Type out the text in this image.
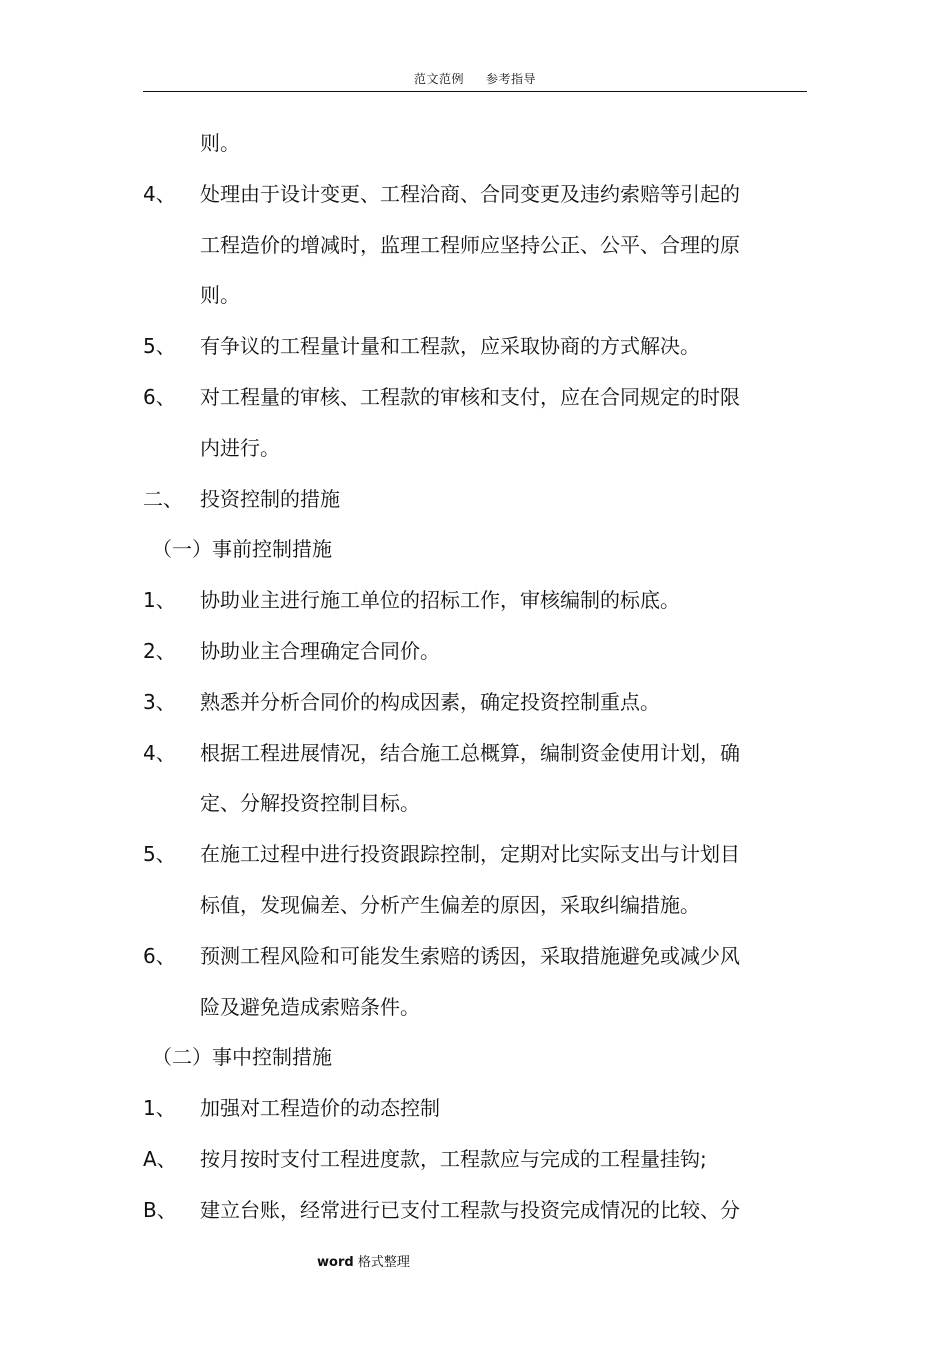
范文范例 参考指导
则。
4、 处理由于设计变更、工程洽商、合同变更及违约索赔等引起的
工程造价的增减时，监理工程师应坚持公正、公平、合理的原
则。
5、 有争议的工程量计量和工程款，应采取协商的方式解决。
6、 对工程量的审核、工程款的审核和支付，应在合同规定的时限
内进行。
二、 投资控制的措施
（一） 事前控制措施
1、 协助业主进行施工单位的招标工作，审核编制的标底。
2、 协助业主合理确定合同价。
3、 熟悉并分析合同价的构成因素，确定投资控制重点。
4、 根据工程进展情况，结合施工总概算，编制资金使用计划，确
定、分解投资控制目标。
5、 在施工过程中进行投资跟踪控制，定期对比实际支出与计划目
标值，发现偏差、分析产生偏差的原因，采取纠编措施。
6、 预测工程风险和可能发生索赔的诱因，采取措施避免或减少风
险及避免造成索赔条件。
（二） 事中控制措施
1、 加强对工程造价的动态控制
A、 按月按时支付工程进度款，工程款应与完成的工程量挂钩;
B、 建立台账，经常进行已支付工程款与投资完成情况的比较、分
word 格式整理
